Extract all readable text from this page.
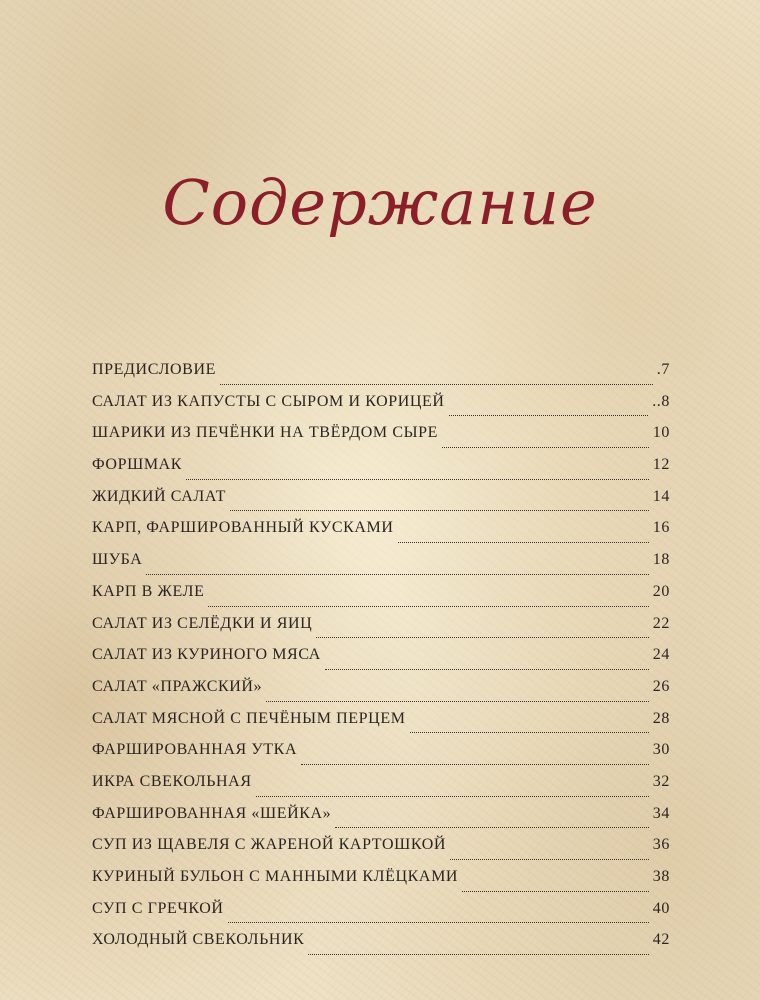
Содержание
ПРЕДИСЛОВИЕ	.7
САЛАТ ИЗ КАПУСТЫ С СЫРОМ И КОРИЦЕЙ	..8
ШАРИКИ ИЗ ПЕЧЁНКИ НА ТВЁРДОМ СЫРЕ	10
ФОРШМАК	12
ЖИДКИЙ САЛАТ	14
КАРП, ФАРШИРОВАННЫЙ КУСКАМИ	16
ШУБА	18
КАРП В ЖЕЛЕ	20
САЛАТ ИЗ СЕЛЁДКИ И ЯИЦ	22
САЛАТ ИЗ КУРИНОГО МЯСА	24
САЛАТ «ПРАЖСКИЙ»	26
САЛАТ МЯСНОЙ С ПЕЧЁНЫМ ПЕРЦЕМ	28
ФАРШИРОВАННАЯ УТКА	30
ИКРА СВЕКОЛЬНАЯ	32
ФАРШИРОВАННАЯ «ШЕЙКА»	34
СУП ИЗ ЩАВЕЛЯ С ЖАРЕНОЙ КАРТОШКОЙ	36
КУРИНЫЙ БУЛЬОН С МАННЫМИ КЛЁЦКАМИ	38
СУП С ГРЕЧКОЙ	40
ХОЛОДНЫЙ СВЕКОЛЬНИК	42
